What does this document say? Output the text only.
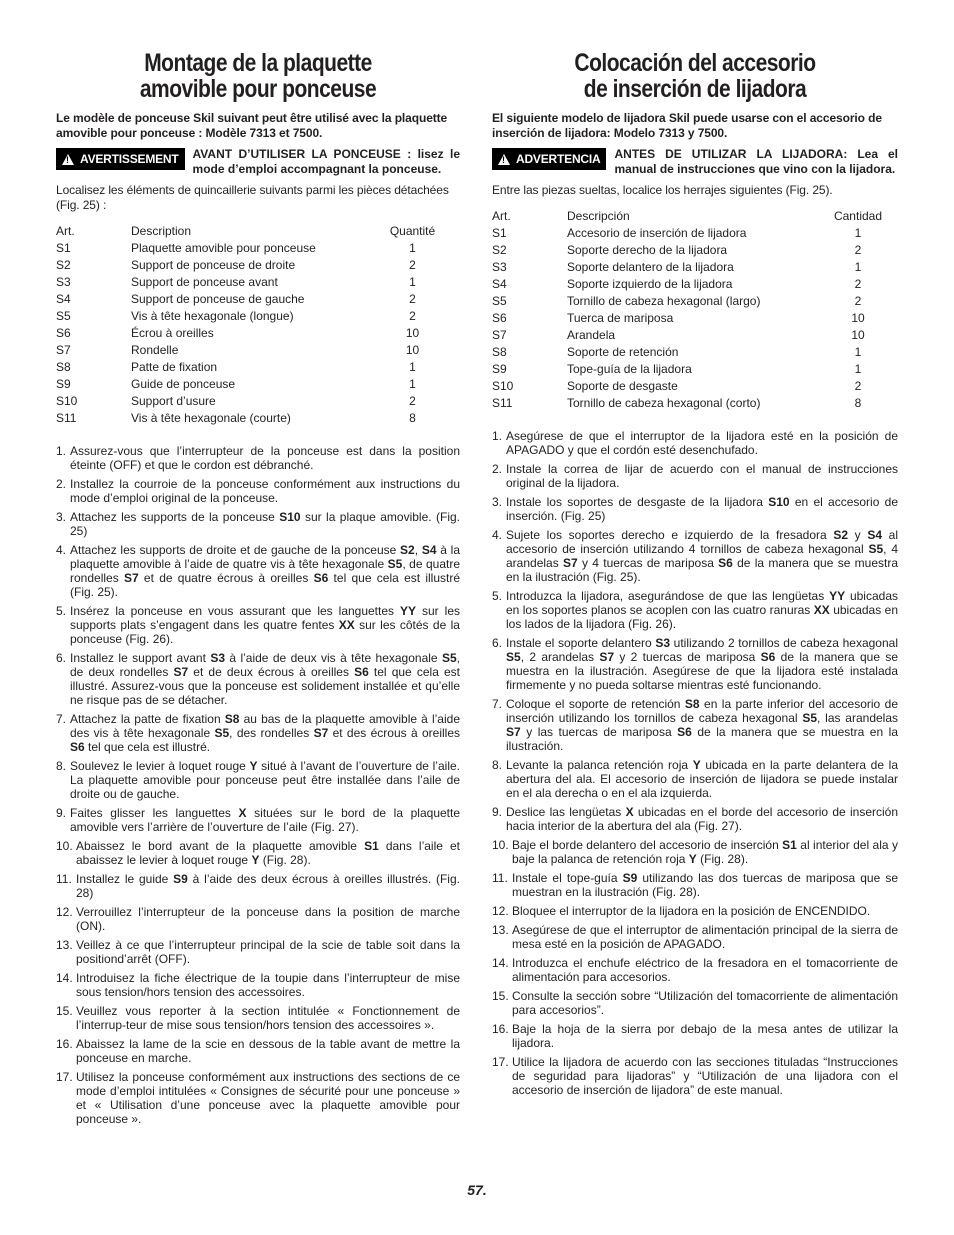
Montage de la plaquette
amovible pour ponceuse

Le modèle de ponceuse Skil suivant peut être utilisé avec la plaquette amovible pour ponceuse : Modèle 7313 et 7500.

!
AVERTISSEMENT AVANT D’UTILISER LA PONCEUSE : lisez le mode d’emploi accompagnant la ponceuse.

Localisez les éléments de quincaillerie suivants parmi les pièces détachées (Fig. 25) :

Art.	Description	Quantité
S1	Plaquette amovible pour ponceuse	1
S2	Support de ponceuse de droite	2
S3	Support de ponceuse avant	1
S4	Support de ponceuse de gauche	2
S5	Vis à tête hexagonale (longue)	2
S6	Écrou à oreilles	10
S7	Rondelle	10
S8	Patte de fixation	1
S9	Guide de ponceuse	1
S10	Support d’usure	2
S11	Vis à tête hexagonale (courte)	8
1. Assurez-vous que l’interrupteur de la ponceuse est dans la position éteinte (OFF) et que le cordon est débranché.
2. Installez la courroie de la ponceuse conformément aux instructions du mode d’emploi original de la ponceuse.
3. Attachez les supports de la ponceuse S10 sur la plaque amovible. (Fig. 25)
4. Attachez les supports de droite et de gauche de la ponceuse S2, S4 à la plaquette amovible à l’aide de quatre vis à tête hexagonale S5, de quatre rondelles S7 et de quatre écrous à oreilles S6 tel que cela est illustré (Fig. 25).
5. Insérez la ponceuse en vous assurant que les languettes YY sur les supports plats s’engagent dans les quatre fentes XX sur les côtés de la ponceuse (Fig. 26).
6. Installez le support avant S3 à l’aide de deux vis à tête hexagonale S5, de deux rondelles S7 et de deux écrous à oreilles S6 tel que cela est illustré. Assurez-vous que la ponceuse est solidement installée et qu’elle ne risque pas de se détacher.
7. Attachez la patte de fixation S8 au bas de la plaquette amovible à l’aide des vis à tête hexagonale S5, des rondelles S7 et des écrous à oreilles S6 tel que cela est illustré.
8. Soulevez le levier à loquet rouge Y situé à l’avant de l’ouverture de l’aile. La plaquette amovible pour ponceuse peut être installée dans l’aile de droite ou de gauche.
9. Faites glisser les languettes X situées sur le bord de la plaquette amovible vers l’arrière de l’ouverture de l’aile (Fig. 27).
10. Abaissez le bord avant de la plaquette amovible S1 dans l’aile et abaissez le levier à loquet rouge Y (Fig. 28).
11. Installez le guide S9 à l’aide des deux écrous à oreilles illustrés. (Fig. 28)
12. Verrouillez l’interrupteur de la ponceuse dans la position de marche (ON).
13. Veillez à ce que l’interrupteur principal de la scie de table soit dans la positiond’arrêt (OFF).
14. Introduisez la fiche électrique de la toupie dans l’interrupteur de mise sous tension/hors tension des accessoires.
15. Veuillez vous reporter à la section intitulée « Fonctionnement de l’interrup-teur de mise sous tension/hors tension des accessoires ».
16. Abaissez la lame de la scie en dessous de la table avant de mettre la ponceuse en marche.
17. Utilisez la ponceuse conformément aux instructions des sections de ce mode d’emploi intitulées « Consignes de sécurité pour une ponceuse » et « Utilisation d’une ponceuse avec la plaquette amovible pour ponceuse ».
Colocación del accesorio
de inserción de lijadora

El siguiente modelo de lijadora Skil puede usarse con el accesorio de inserción de lijadora: Modelo 7313 y 7500.

!
ADVERTENCIA ANTES DE UTILIZAR LA LIJADORA: Lea el manual de instrucciones que vino con la lijadora.

Entre las piezas sueltas, localice los herrajes siguientes (Fig. 25).

Art.	Descripción	Cantidad
S1	Accesorio de inserción de lijadora	1
S2	Soporte derecho de la lijadora	2
S3	Soporte delantero de la lijadora	1
S4	Soporte izquierdo de la lijadora	2
S5	Tornillo de cabeza hexagonal (largo)	2
S6	Tuerca de mariposa	10
S7	Arandela	10
S8	Soporte de retención	1
S9	Tope-guía de la lijadora	1
S10	Soporte de desgaste	2
S11	Tornillo de cabeza hexagonal (corto)	8
1. Asegúrese de que el interruptor de la lijadora esté en la posición de APAGADO y que el cordón esté desenchufado.
2. Instale la correa de lijar de acuerdo con el manual de instrucciones original de la lijadora.
3. Instale los soportes de desgaste de la lijadora S10 en el accesorio de inserción. (Fig. 25)
4. Sujete los soportes derecho e izquierdo de la fresadora S2 y S4 al accesorio de inserción utilizando 4 tornillos de cabeza hexagonal S5, 4 arandelas S7 y 4 tuercas de mariposa S6 de la manera que se muestra en la ilustración (Fig. 25).
5. Introduzca la lijadora, asegurándose de que las lengüetas YY ubicadas en los soportes planos se acoplen con las cuatro ranuras XX ubicadas en los lados de la lijadora (Fig. 26).
6. Instale el soporte delantero S3 utilizando 2 tornillos de cabeza hexagonal S5, 2 arandelas S7 y 2 tuercas de mariposa S6 de la manera que se muestra en la ilustración. Asegúrese de que la lijadora esté instalada firmemente y no pueda soltarse mientras esté funcionando.
7. Coloque el soporte de retención S8 en la parte inferior del accesorio de inserción utilizando los tornillos de cabeza hexagonal S5, las arandelas S7 y las tuercas de mariposa S6 de la manera que se muestra en la ilustración.
8. Levante la palanca retención roja Y ubicada en la parte delantera de la abertura del ala. El accesorio de inserción de lijadora se puede instalar en el ala derecha o en el ala izquierda.
9. Deslice las lengüetas X ubicadas en el borde del accesorio de inserción hacia interior de la abertura del ala (Fig. 27).
10. Baje el borde delantero del accesorio de inserción S1 al interior del ala y baje la palanca de retención roja Y (Fig. 28).
11. Instale el tope-guía S9 utilizando las dos tuercas de mariposa que se muestran en la ilustración (Fig. 28).
12. Bloquee el interruptor de la lijadora en la posición de ENCENDIDO.
13. Asegúrese de que el interruptor de alimentación principal de la sierra de mesa esté en la posición de APAGADO.
14. Introduzca el enchufe eléctrico de la fresadora en el tomacorriente de alimentación para accesorios.
15. Consulte la sección sobre “Utilización del tomacorriente de alimentación para accesorios”.
16. Baje la hoja de la sierra por debajo de la mesa antes de utilizar la lijadora.
17. Utilice la lijadora de acuerdo con las secciones tituladas “Instrucciones de seguridad para lijadoras” y “Utilización de una lijadora con el accesorio de inserción de lijadora” de este manual.
57.
